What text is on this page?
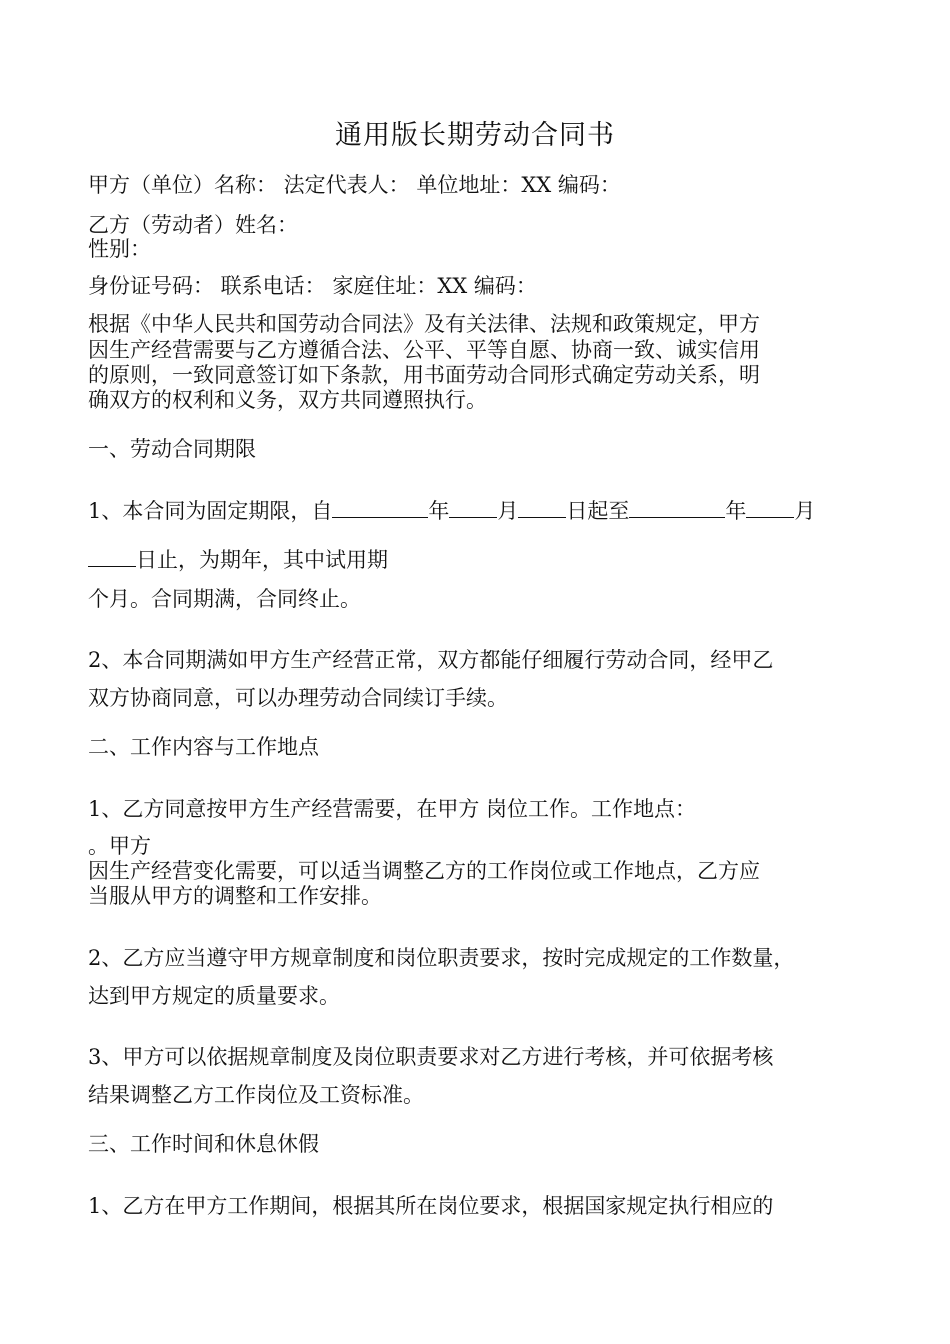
通用版长期劳动合同书
甲方（单位）名称： 法定代表人： 单位地址：XX 编码：
乙方（劳动者）姓名：
性别：
身份证号码： 联系电话： 家庭住址：XX 编码：
根据《中华人民共和国劳动合同法》及有关法律、法规和政策规定，甲方
因生产经营需要与乙方遵循合法、公平、平等自愿、协商一致、诚实信用
的原则，一致同意签订如下条款，用书面劳动合同形式确定劳动关系，明
确双方的权利和义务，双方共同遵照执行。
一、劳动合同期限
1、本合同为固定期限，自	年 月 日起至	年 月
日止，为期年，其中试用期
个月。合同期满，合同终止。
2、本合同期满如甲方生产经营正常，双方都能仔细履行劳动合同，经甲乙
双方协商同意，可以办理劳动合同续订手续。
二、工作内容与工作地点
1、乙方同意按甲方生产经营需要，在甲方 岗位工作。工作地点：
。甲方
因生产经营变化需要，可以适当调整乙方的工作岗位或工作地点，乙方应
当服从甲方的调整和工作安排。
2、乙方应当遵守甲方规章制度和岗位职责要求，按时完成规定的工作数量，
达到甲方规定的质量要求。
3、甲方可以依据规章制度及岗位职责要求对乙方进行考核，并可依据考核
结果调整乙方工作岗位及工资标准。
三、工作时间和休息休假
1、乙方在甲方工作期间，根据其所在岗位要求，根据国家规定执行相应的
